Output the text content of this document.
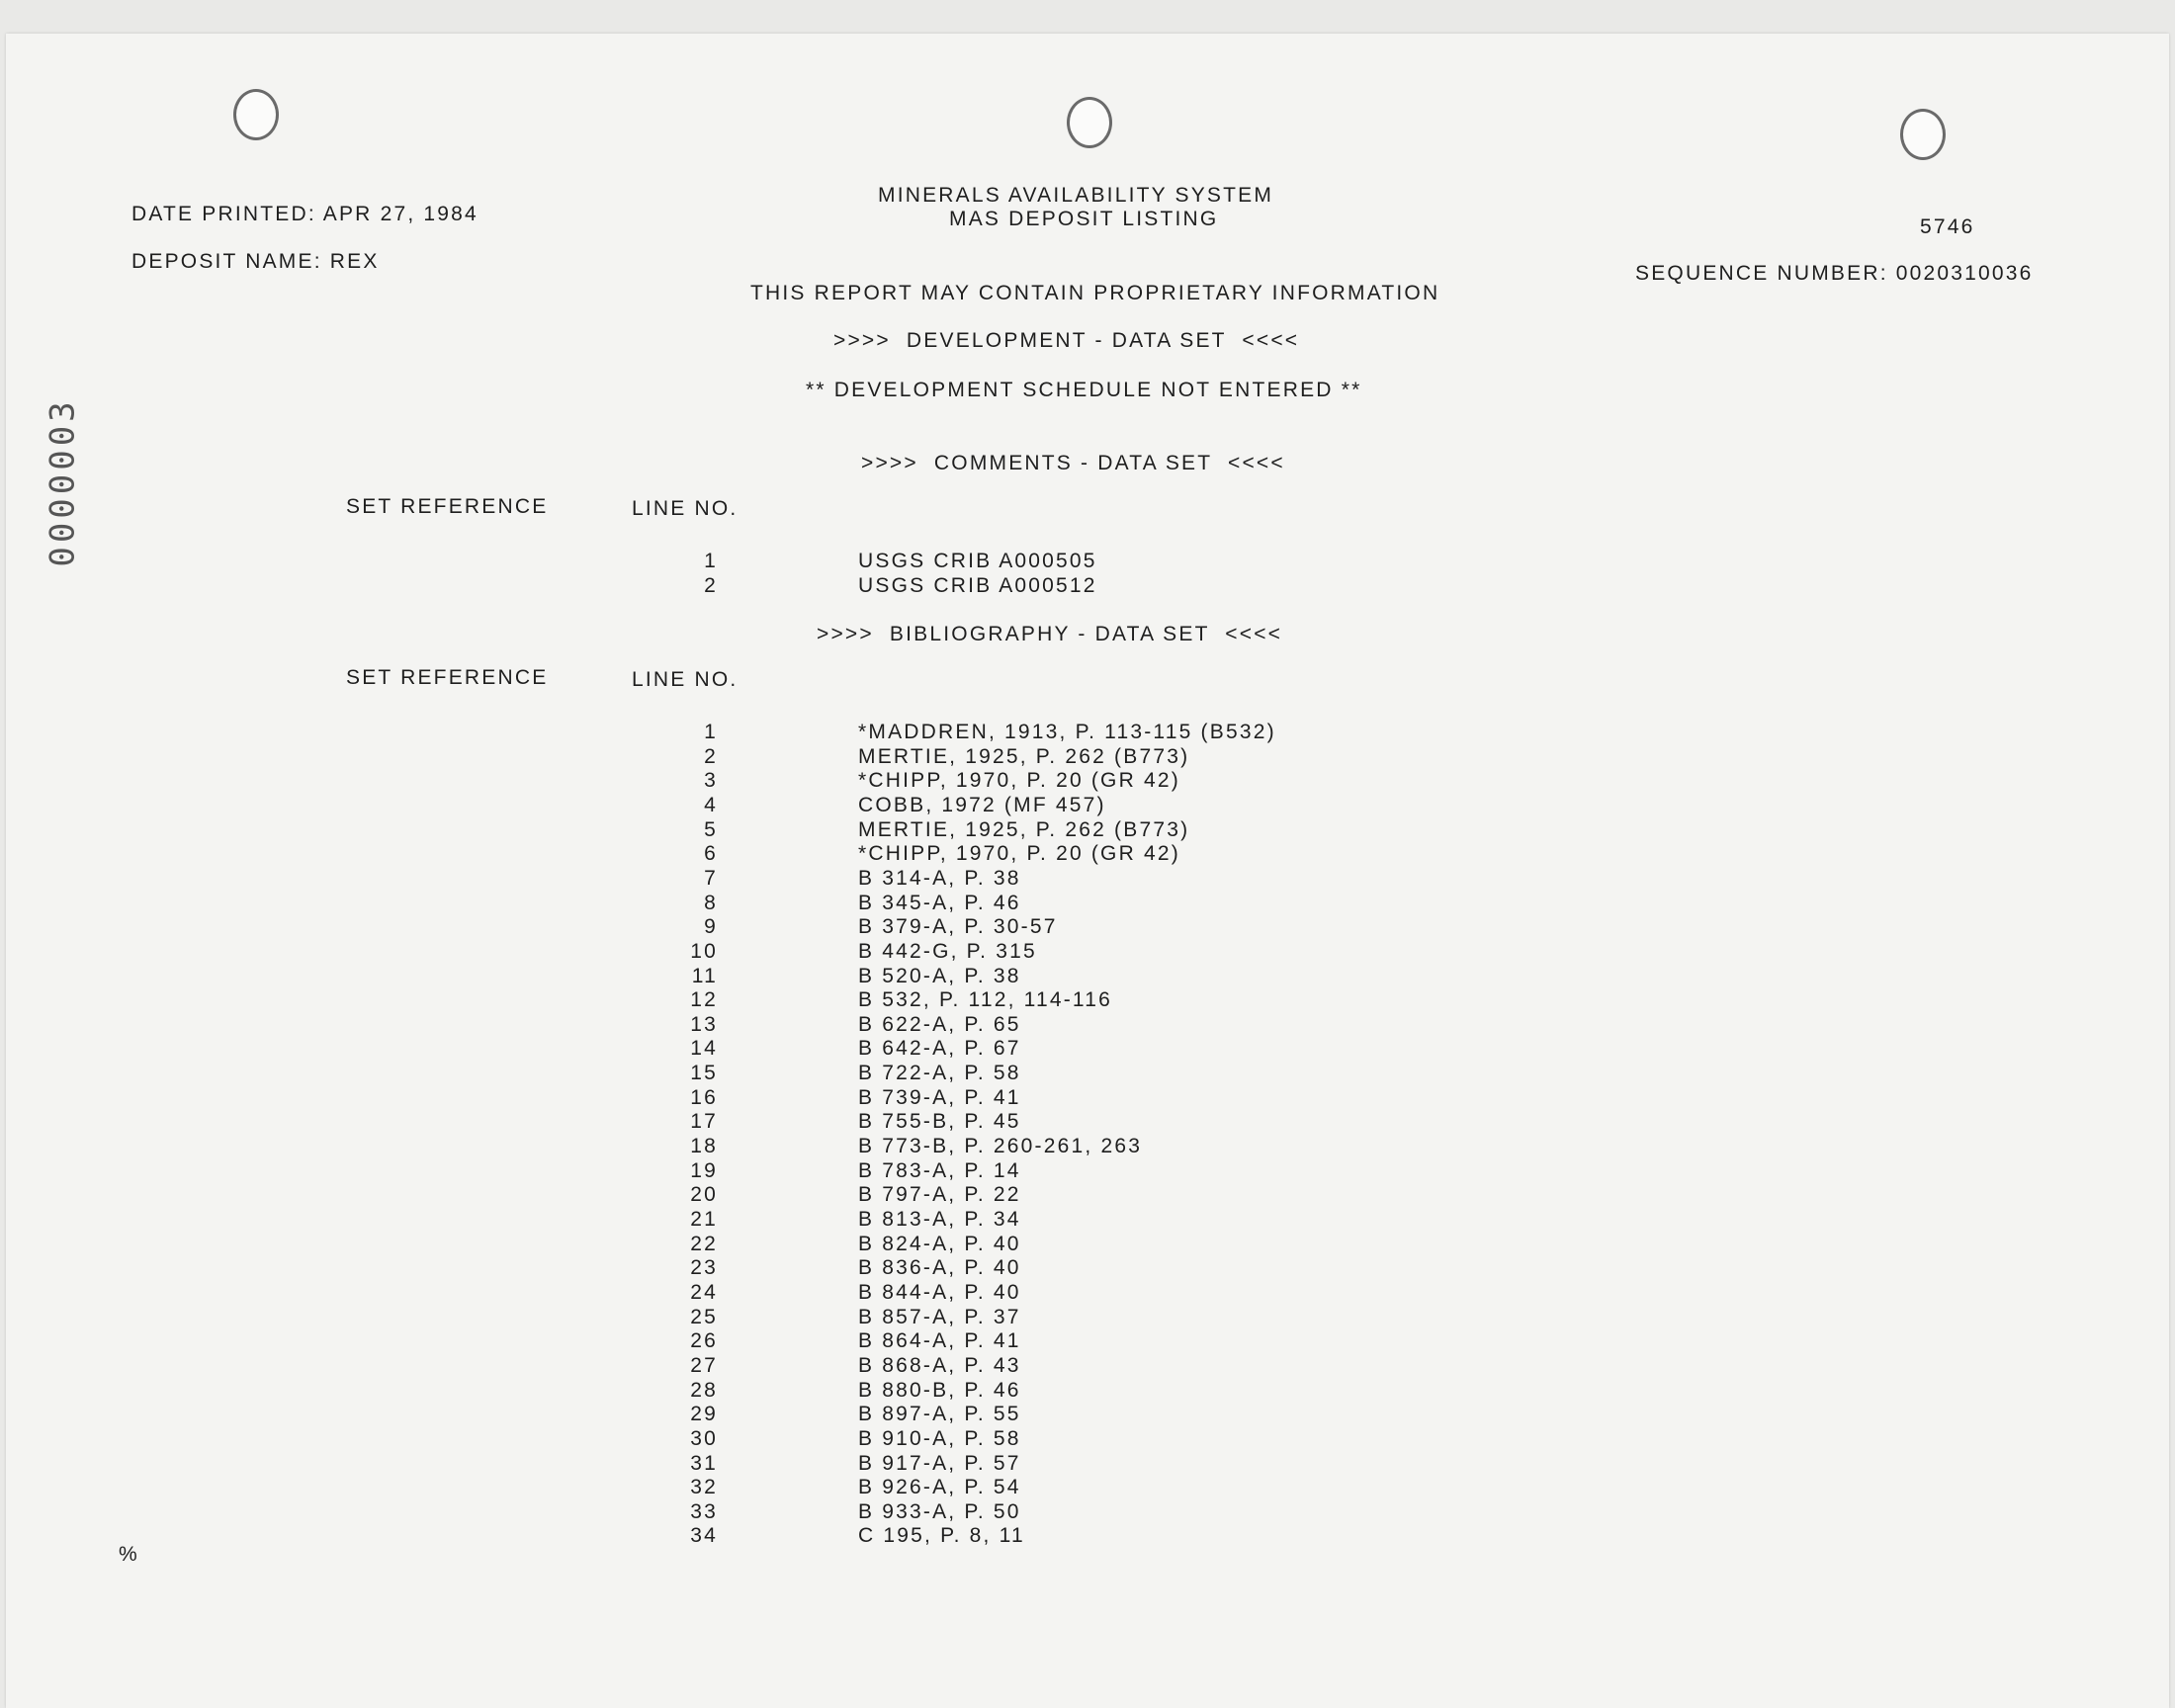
0000003
DATE PRINTED: APR 27, 1984
DEPOSIT NAME: REX
MINERALS AVAILABILITY SYSTEM
MAS DEPOSIT LISTING	5746
SEQUENCE NUMBER: 0020310036
THIS REPORT MAY CONTAIN PROPRIETARY INFORMATION
>>>>  DEVELOPMENT - DATA SET  <<<<
** DEVELOPMENT SCHEDULE NOT ENTERED **
>>>>  COMMENTS - DATA SET  <<<<
SET REFERENCE	LINE NO.
1	USGS CRIB A000505
2	USGS CRIB A000512
>>>>  BIBLIOGRAPHY - DATA SET  <<<<
SET REFERENCE	LINE NO.
1	*MADDREN, 1913, P. 113-115 (B532)
2	MERTIE, 1925, P. 262 (B773)
3	*CHIPP, 1970, P. 20 (GR 42)
4	COBB, 1972 (MF 457)
5	MERTIE, 1925, P. 262 (B773)
6	*CHIPP, 1970, P. 20 (GR 42)
7	B 314-A, P. 38
8	B 345-A, P. 46
9	B 379-A, P. 30-57
10	B 442-G, P. 315
11	B 520-A, P. 38
12	B 532, P. 112, 114-116
13	B 622-A, P. 65
14	B 642-A, P. 67
15	B 722-A, P. 58
16	B 739-A, P. 41
17	B 755-B, P. 45
18	B 773-B, P. 260-261, 263
19	B 783-A, P. 14
20	B 797-A, P. 22
21	B 813-A, P. 34
22	B 824-A, P. 40
23	B 836-A, P. 40
24	B 844-A, P. 40
25	B 857-A, P. 37
26	B 864-A, P. 41
27	B 868-A, P. 43
28	B 880-B, P. 46
29	B 897-A, P. 55
30	B 910-A, P. 58
31	B 917-A, P. 57
32	B 926-A, P. 54
33	B 933-A, P. 50
34	C 195, P. 8, 11
%
